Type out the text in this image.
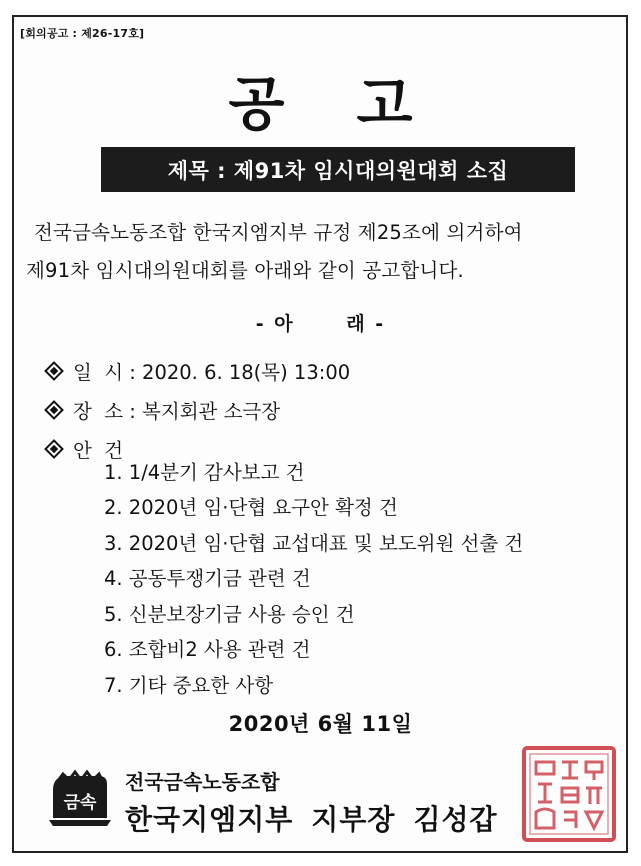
[회의공고 : 제26-17호]
공고
제목 : 제91차 임시대의원대회 소집
전국금속노동조합 한국지엠지부 규정 제25조에 의거하여
제91차 임시대의원대회를 아래와 같이 공고합니다.
- 아      래 -
일  시 : 2020. 6. 18(목) 13:00
장  소 : 복지회관 소극장
안  건
1. 1/4분기 감사보고 건
2. 2020년 임·단협 요구안 확정 건
3. 2020년 임·단협 교섭대표 및 보도위원 선출 건
4. 공동투쟁기금 관련 건
5. 신분보장기금 사용 승인 건
6. 조합비2 사용 관련 건
7. 기타 중요한 사항
2020년 6월 11일
금속
전국금속노동조합
한국지엠지부 지부장 김성갑
